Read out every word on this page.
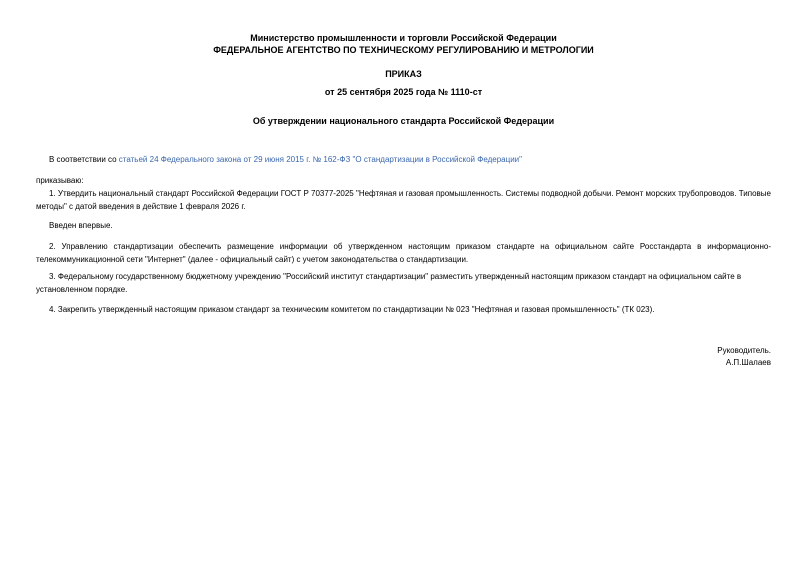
Министерство промышленности и торговли Российской Федерации
ФЕДЕРАЛЬНОЕ АГЕНТСТВО ПО ТЕХНИЧЕСКОМУ РЕГУЛИРОВАНИЮ И МЕТРОЛОГИИ
ПРИКАЗ
от 25 сентября 2025 года № 1110-ст
Об утверждении национального стандарта Российской Федерации

В соответствии со статьей 24 Федерального закона от 29 июня 2015 г. № 162-ФЗ "О стандартизации в Российской Федерации"

приказываю:

1. Утвердить национальный стандарт Российской Федерации ГОСТ Р 70377-2025 "Нефтяная и газовая промышленность. Системы подводной добычи. Ремонт морских трубопроводов. Типовые методы" с датой введения в действие 1 февраля 2026 г.

Введен впервые.

2. Управлению стандартизации обеспечить размещение информации об утвержденном настоящим приказом стандарте на официальном сайте Росстандарта в информационно-телекоммуникационной сети "Интернет" (далее - официальный сайт) с учетом законодательства о стандартизации.

3. Федеральному государственному бюджетному учреждению "Российский институт стандартизации" разместить утвержденный настоящим приказом стандарт на официальном сайте в установленном порядке.

4. Закрепить утвержденный настоящим приказом стандарт за техническим комитетом по стандартизации № 023 "Нефтяная и газовая промышленность" (ТК 023).

Руководитель.
А.П.Шалаев
